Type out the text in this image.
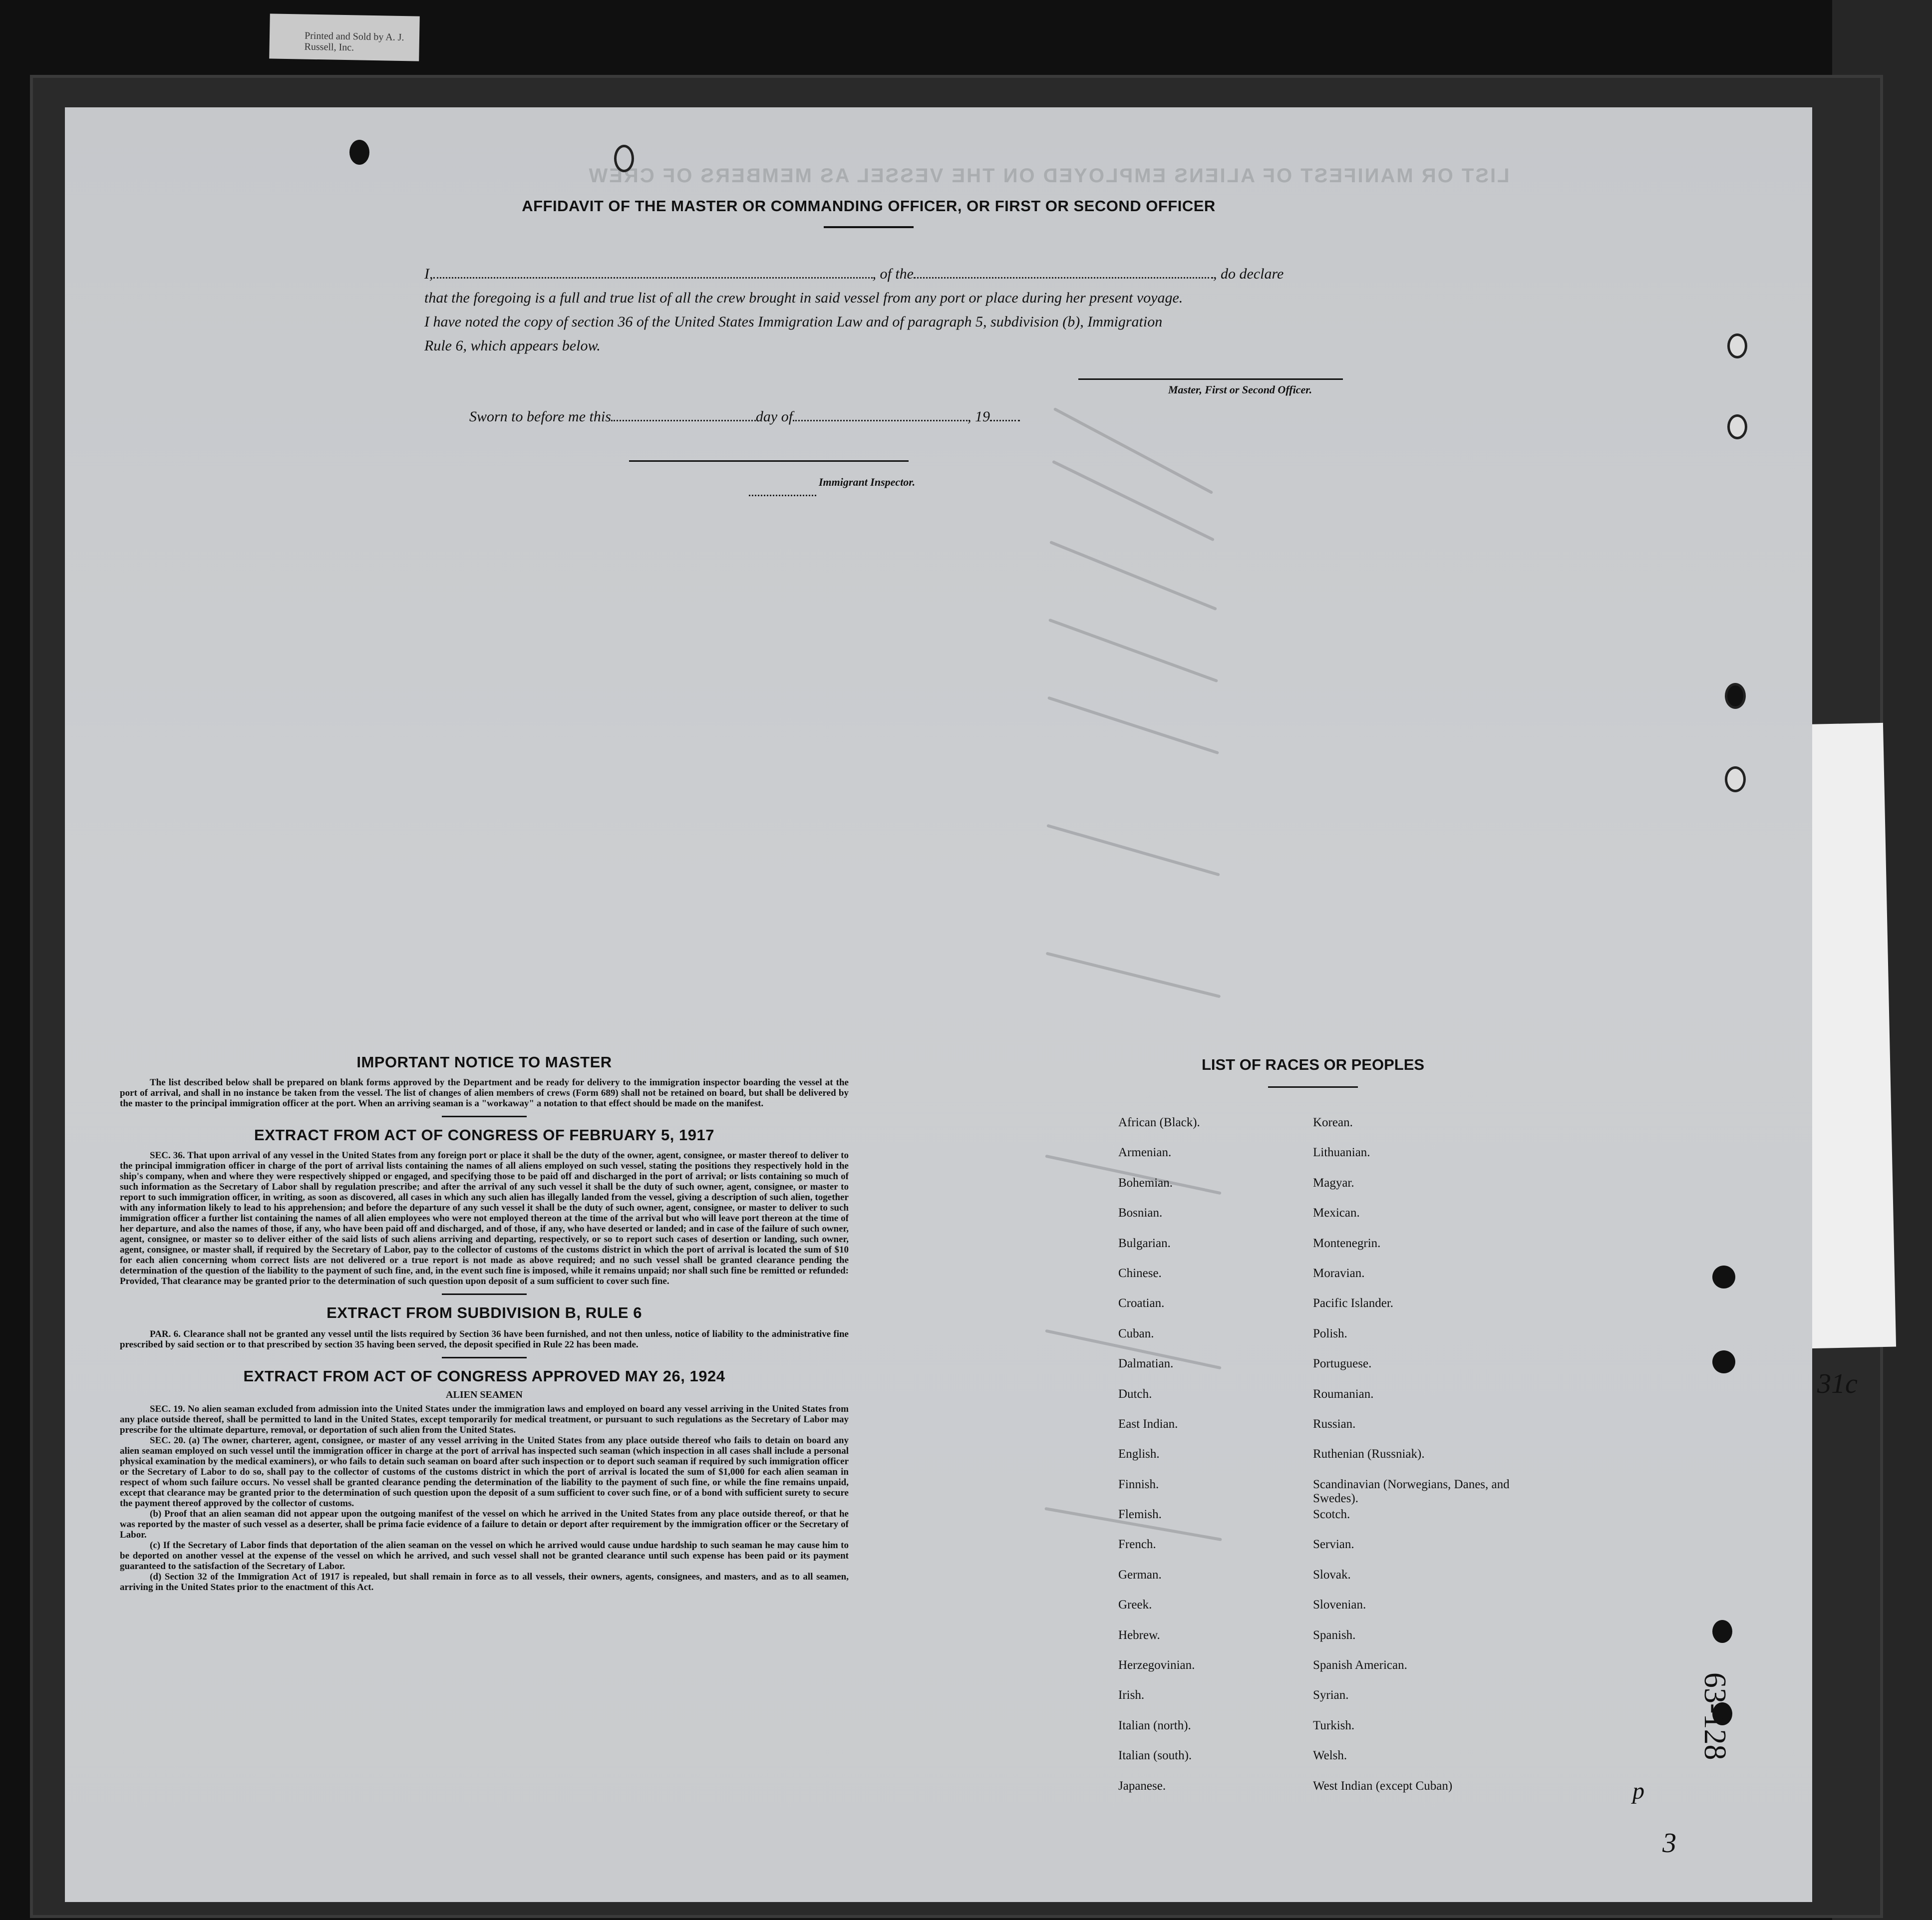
Printed and Sold by A. J. Russell, Inc.
LIST OR MANIFEST OF ALIENS EMPLOYED ON THE VESSEL AS MEMBERS OF CREW
AFFIDAVIT OF THE MASTER OR COMMANDING OFFICER, OR FIRST OR SECOND OFFICER
I,	, of the	, do declare
that the foregoing is a full and true list of all the crew brought in said vessel from any port or place during her present voyage.
I have noted the copy of section 36 of the United States Immigration Law and of paragraph 5, subdivision (b), Immigration
Rule 6, which appears below.
Master, First or Second Officer.
Sworn to before me this	day of	, 19
Immigrant Inspector.
IMPORTANT NOTICE TO MASTER

The list described below shall be prepared on blank forms approved by the Department and be ready for delivery to the immigration inspector boarding the vessel at the port of arrival, and shall in no instance be taken from the vessel. The list of changes of alien members of crews (Form 689) shall not be retained on board, but shall be delivered by the master to the principal immigration officer at the port. When an arriving seaman is a "workaway" a notation to that effect should be made on the manifest.

EXTRACT FROM ACT OF CONGRESS OF FEBRUARY 5, 1917

SEC. 36. That upon arrival of any vessel in the United States from any foreign port or place it shall be the duty of the owner, agent, consignee, or master thereof to deliver to the principal immigration officer in charge of the port of arrival lists containing the names of all aliens employed on such vessel, stating the positions they respectively hold in the ship's company, when and where they were respectively shipped or engaged, and specifying those to be paid off and discharged in the port of arrival; or lists containing so much of such information as the Secretary of Labor shall by regulation prescribe; and after the arrival of any such vessel it shall be the duty of such owner, agent, consignee, or master to report to such immigration officer, in writing, as soon as discovered, all cases in which any such alien has illegally landed from the vessel, giving a description of such alien, together with any information likely to lead to his apprehension; and before the departure of any such vessel it shall be the duty of such owner, agent, consignee, or master to deliver to such immigration officer a further list containing the names of all alien employees who were not employed thereon at the time of the arrival but who will leave port thereon at the time of her departure, and also the names of those, if any, who have been paid off and discharged, and of those, if any, who have deserted or landed; and in case of the failure of such owner, agent, consignee, or master so to deliver either of the said lists of such aliens arriving and departing, respectively, or so to report such cases of desertion or landing, such owner, agent, consignee, or master shall, if required by the Secretary of Labor, pay to the collector of customs of the customs district in which the port of arrival is located the sum of $10 for each alien concerning whom correct lists are not delivered or a true report is not made as above required; and no such vessel shall be granted clearance pending the determination of the question of the liability to the payment of such fine, and, in the event such fine is imposed, while it remains unpaid; nor shall such fine be remitted or refunded: Provided, That clearance may be granted prior to the determination of such question upon deposit of a sum sufficient to cover such fine.

EXTRACT FROM SUBDIVISION B, RULE 6

PAR. 6. Clearance shall not be granted any vessel until the lists required by Section 36 have been furnished, and not then unless, notice of liability to the administrative fine prescribed by said section or to that prescribed by section 35 having been served, the deposit specified in Rule 22 has been made.

EXTRACT FROM ACT OF CONGRESS APPROVED MAY 26, 1924
ALIEN SEAMEN

SEC. 19. No alien seaman excluded from admission into the United States under the immigration laws and employed on board any vessel arriving in the United States from any place outside thereof, shall be permitted to land in the United States, except temporarily for medical treatment, or pursuant to such regulations as the Secretary of Labor may prescribe for the ultimate departure, removal, or deportation of such alien from the United States.

SEC. 20. (a) The owner, charterer, agent, consignee, or master of any vessel arriving in the United States from any place outside thereof who fails to detain on board any alien seaman employed on such vessel until the immigration officer in charge at the port of arrival has inspected such seaman (which inspection in all cases shall include a personal physical examination by the medical examiners), or who fails to detain such seaman on board after such inspection or to deport such seaman if required by such immigration officer or the Secretary of Labor to do so, shall pay to the collector of customs of the customs district in which the port of arrival is located the sum of $1,000 for each alien seaman in respect of whom such failure occurs. No vessel shall be granted clearance pending the determination of the liability to the payment of such fine, or while the fine remains unpaid, except that clearance may be granted prior to the determination of such question upon the deposit of a sum sufficient to cover such fine, or of a bond with sufficient surety to secure the payment thereof approved by the collector of customs.

(b) Proof that an alien seaman did not appear upon the outgoing manifest of the vessel on which he arrived in the United States from any place outside thereof, or that he was reported by the master of such vessel as a deserter, shall be prima facie evidence of a failure to detain or deport after requirement by the immigration officer or the Secretary of Labor.

(c) If the Secretary of Labor finds that deportation of the alien seaman on the vessel on which he arrived would cause undue hardship to such seaman he may cause him to be deported on another vessel at the expense of the vessel on which he arrived, and such vessel shall not be granted clearance until such expense has been paid or its payment guaranteed to the satisfaction of the Secretary of Labor.

(d) Section 32 of the Immigration Act of 1917 is repealed, but shall remain in force as to all vessels, their owners, agents, consignees, and masters, and as to all seamen, arriving in the United States prior to the enactment of this Act.

LIST OF RACES OR PEOPLES
African (Black).
Armenian.
Bohemian.
Bosnian.
Bulgarian.
Chinese.
Croatian.
Cuban.
Dalmatian.
Dutch.
East Indian.
English.
Finnish.
Flemish.
French.
German.
Greek.
Hebrew.
Herzegovinian.
Irish.
Italian (north).
Italian (south).
Japanese.
Korean.
Lithuanian.
Magyar.
Mexican.
Montenegrin.
Moravian.
Pacific Islander.
Polish.
Portuguese.
Roumanian.
Russian.
Ruthenian (Russniak).
Scandinavian (Norwegians, Danes, and Swedes).
Scotch.
Servian.
Slovak.
Slovenian.
Spanish.
Spanish American.
Syrian.
Turkish.
Welsh.
West Indian (except Cuban)
31c
63-128
p
3
